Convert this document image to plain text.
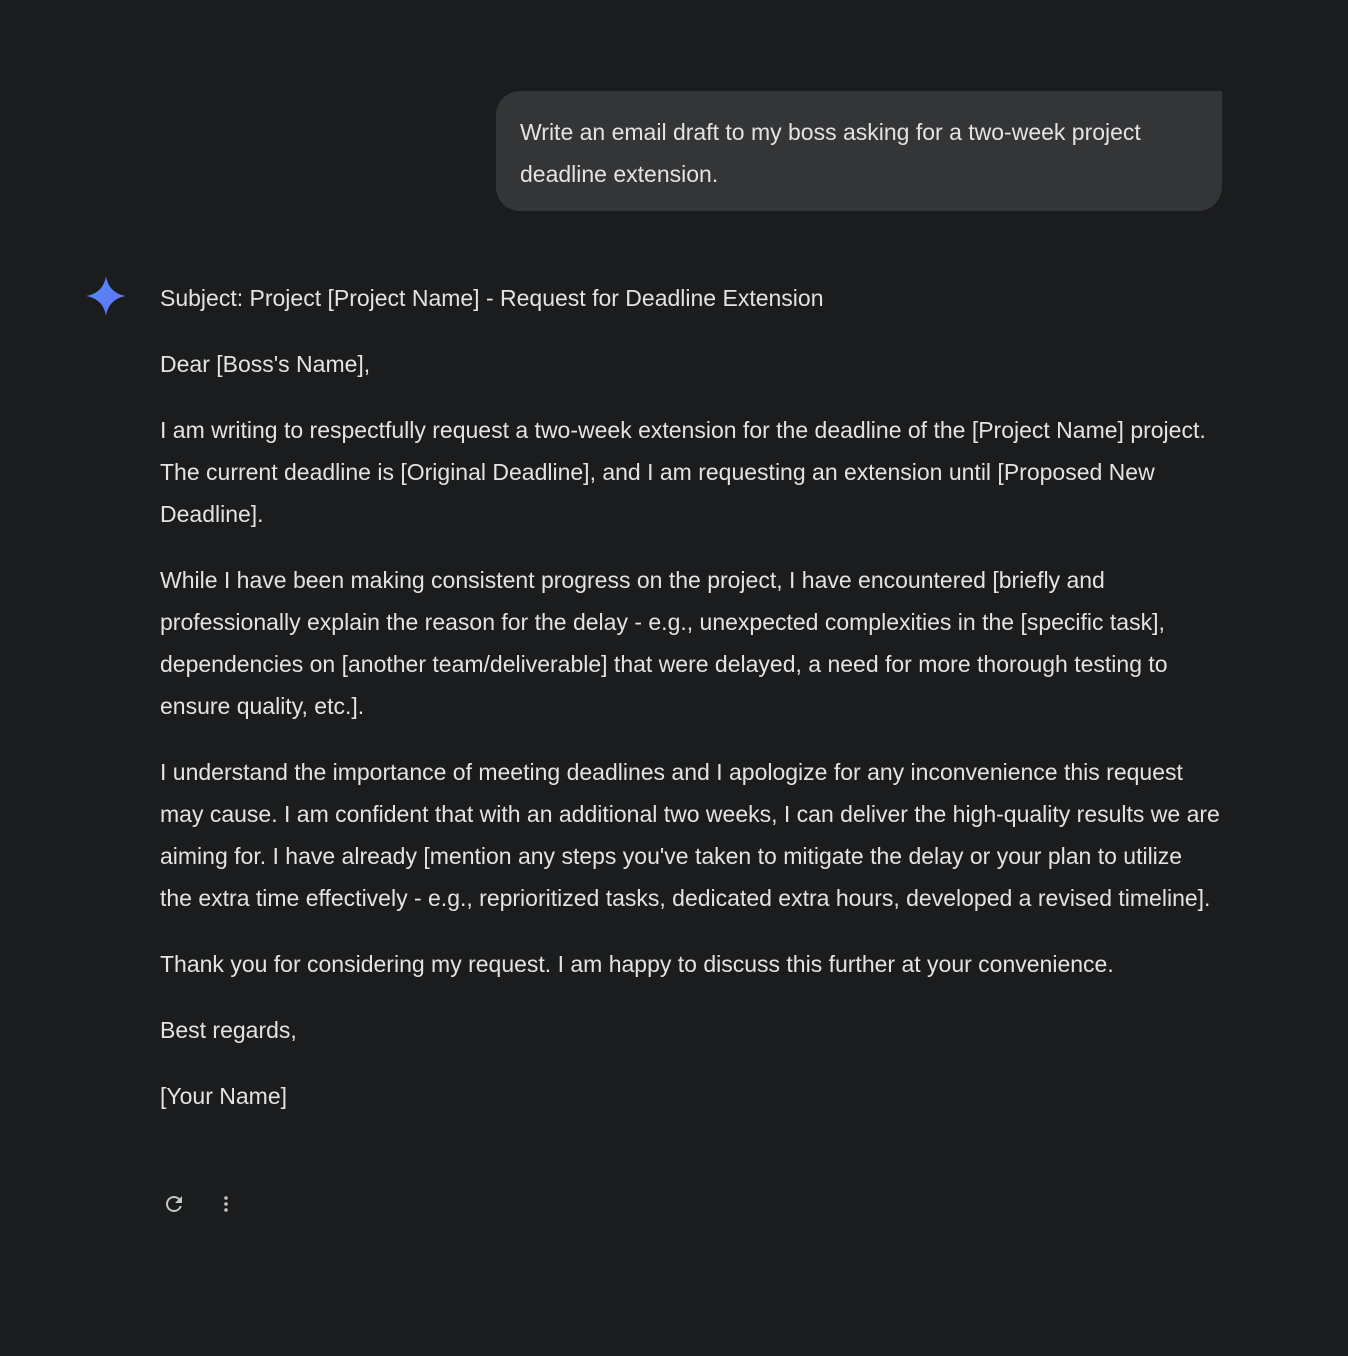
Write an email draft to my boss asking for a two-week project deadline extension.

Subject: Project [Project Name] - Request for Deadline Extension

Dear [Boss's Name],

I am writing to respectfully request a two-week extension for the deadline of the [Project Name] project. The current deadline is [Original Deadline], and I am requesting an extension until [Proposed New Deadline].

While I have been making consistent progress on the project, I have encountered [briefly and professionally explain the reason for the delay - e.g., unexpected complexities in the [specific task], dependencies on [another team/deliverable] that were delayed, a need for more thorough testing to ensure quality, etc.].

I understand the importance of meeting deadlines and I apologize for any inconvenience this request may cause. I am confident that with an additional two weeks, I can deliver the high-quality results we are aiming for. I have already [mention any steps you've taken to mitigate the delay or your plan to utilize the extra time effectively - e.g., reprioritized tasks, dedicated extra hours, developed a revised timeline].

Thank you for considering my request. I am happy to discuss this further at your convenience.

Best regards,

[Your Name]
